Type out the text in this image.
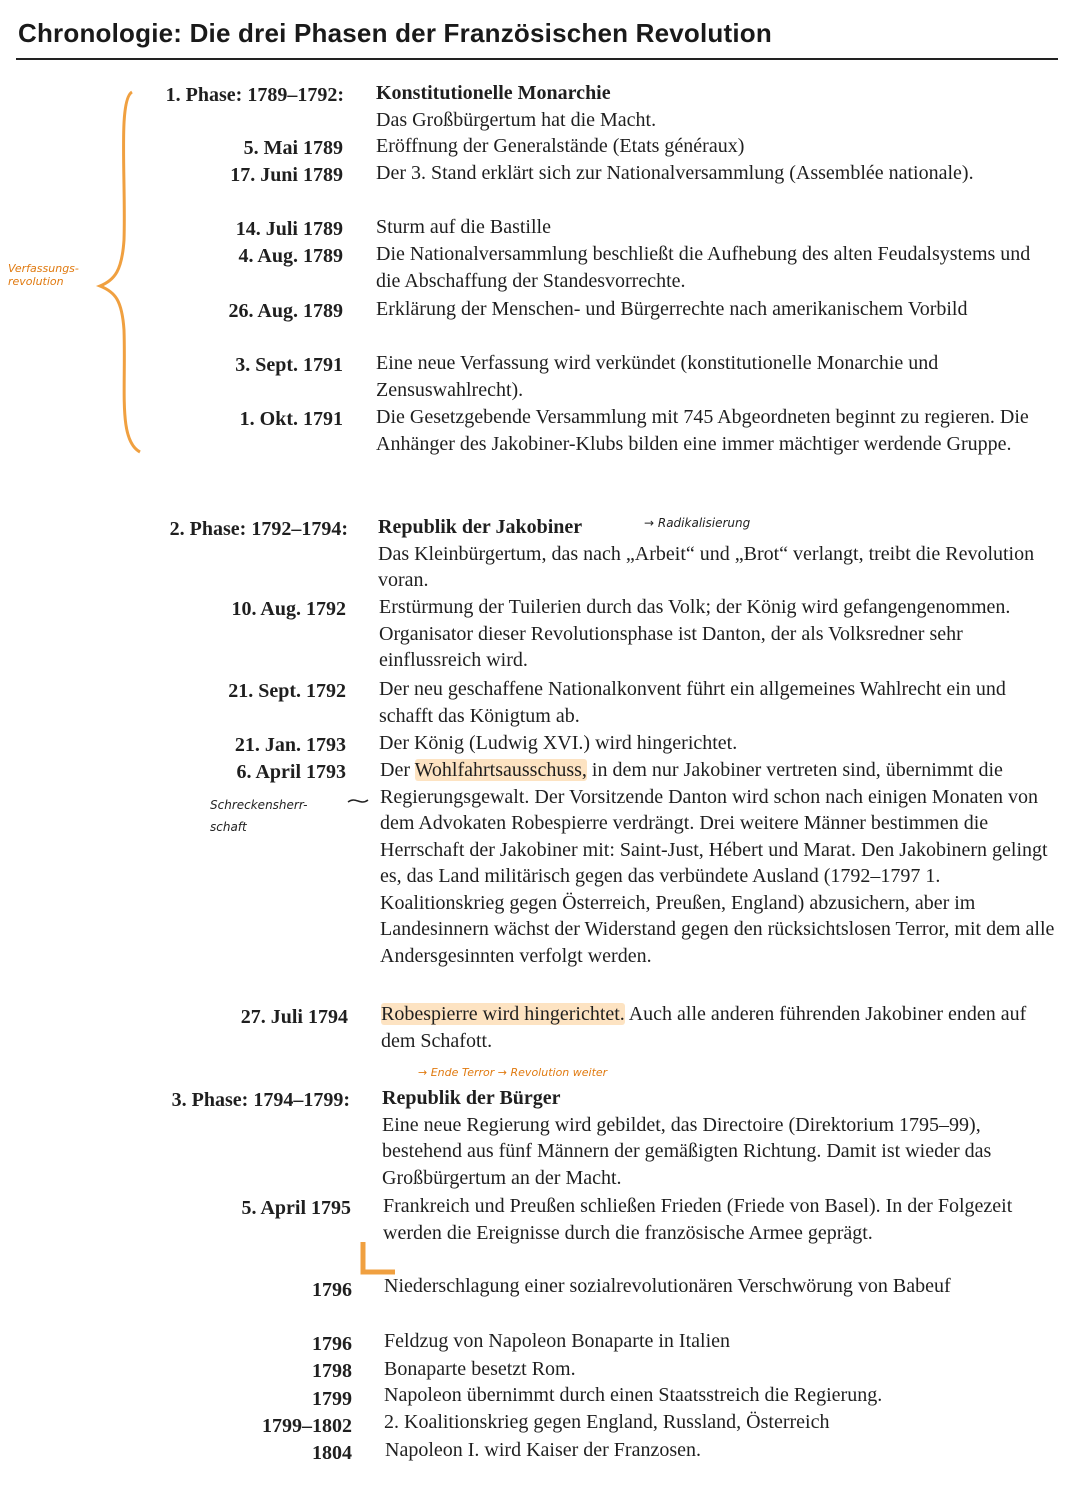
Chronologie: Die drei Phasen der Französischen Revolution
Verfassungs-revolution
→ Radikalisierung
Schreckensherr-schaft
→ Ende Terror → Revolution weiter
1. Phase: 1789–1792: Konstitutionelle Monarchie
Das Großbürgertum hat die Macht.
5. Mai 1789 Eröffnung der Generalstände (Etats généraux)
17. Juni 1789 Der 3. Stand erklärt sich zur Nationalversammlung (Assemblée nationale).
14. Juli 1789 Sturm auf die Bastille
4. Aug. 1789 Die Nationalversammlung beschließt die Aufhebung des alten Feudalsystems und die Abschaffung der Standesvorrechte.
26. Aug. 1789 Erklärung der Menschen- und Bürgerrechte nach amerikanischem Vorbild
3. Sept. 1791 Eine neue Verfassung wird verkündet (konstitutionelle Monarchie und Zensuswahlrecht).
1. Okt. 1791 Die Gesetzgebende Versammlung mit 745 Abgeordneten beginnt zu regieren. Die Anhänger des Jakobiner-Klubs bilden eine immer mächtiger werdende Gruppe.
2. Phase: 1792–1794: Republik der Jakobiner
Das Kleinbürgertum, das nach „Arbeit“ und „Brot“ verlangt, treibt die Revolution voran.
10. Aug. 1792 Erstürmung der Tuilerien durch das Volk; der König wird gefangengenommen. Organisator dieser Revolutionsphase ist Danton, der als Volksredner sehr einflussreich wird.
21. Sept. 1792 Der neu geschaffene Nationalkonvent führt ein allgemeines Wahlrecht ein und schafft das Königtum ab.
21. Jan. 1793 Der König (Ludwig XVI.) wird hingerichtet.
6. April 1793 Der Wohlfahrtsausschuss, in dem nur Jakobiner vertreten sind, übernimmt die Regierungsgewalt. Der Vorsitzende Danton wird schon nach einigen Monaten von dem Advokaten Robespierre verdrängt. Drei weitere Männer bestimmen die Herrschaft der Jakobiner mit: Saint-Just, Hébert und Marat. Den Jakobinern gelingt es, das Land militärisch gegen das verbündete Ausland (1792–1797 1. Koalitionskrieg gegen Österreich, Preußen, England) abzusichern, aber im Landesinnern wächst der Widerstand gegen den rücksichtslosen Terror, mit dem alle Andersgesinnten verfolgt werden.
27. Juli 1794 Robespierre wird hingerichtet. Auch alle anderen führenden Jakobiner enden auf dem Schafott.
3. Phase: 1794–1799: Republik der Bürger
Eine neue Regierung wird gebildet, das Directoire (Direktorium 1795–99), bestehend aus fünf Männern der gemäßigten Richtung. Damit ist wieder das Großbürgertum an der Macht.
5. April 1795 Frankreich und Preußen schließen Frieden (Friede von Basel). In der Folgezeit werden die Ereignisse durch die französische Armee geprägt.
1796 Niederschlagung einer sozialrevolutionären Verschwörung von Babeuf
1796 Feldzug von Napoleon Bonaparte in Italien
1798 Bonaparte besetzt Rom.
1799 Napoleon übernimmt durch einen Staatsstreich die Regierung.
1799–1802 2. Koalitionskrieg gegen England, Russland, Österreich
1804 Napoleon I. wird Kaiser der Franzosen.
